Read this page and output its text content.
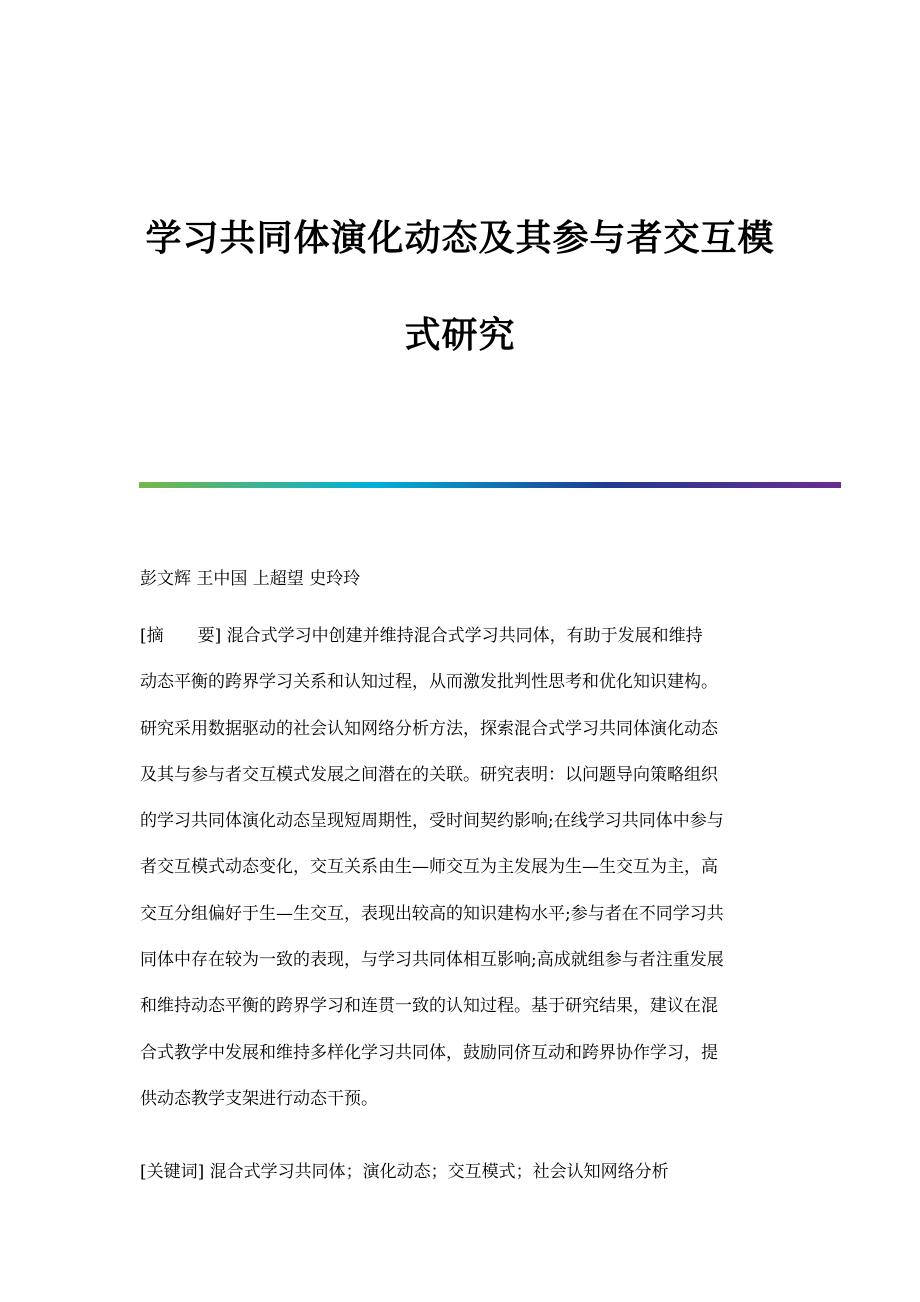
学习共同体演化动态及其参与者交互模
式研究
彭文辉 王中国 上超望 史玲玲
[摘　　要] 混合式学习中创建并维持混合式学习共同体，有助于发展和维持
动态平衡的跨界学习关系和认知过程，从而激发批判性思考和优化知识建构。
研究采用数据驱动的社会认知网络分析方法，探索混合式学习共同体演化动态
及其与参与者交互模式发展之间潜在的关联。研究表明：以问题导向策略组织
的学习共同体演化动态呈现短周期性，受时间契约影响;在线学习共同体中参与
者交互模式动态变化，交互关系由生—师交互为主发展为生—生交互为主，高
交互分组偏好于生—生交互，表现出较高的知识建构水平;参与者在不同学习共
同体中存在较为一致的表现，与学习共同体相互影响;高成就组参与者注重发展
和维持动态平衡的跨界学习和连贯一致的认知过程。基于研究结果，建议在混
合式教学中发展和维持多样化学习共同体，鼓励同侪互动和跨界协作学习，提
供动态教学支架进行动态干预。
[关键词] 混合式学习共同体；演化动态；交互模式；社会认知网络分析
